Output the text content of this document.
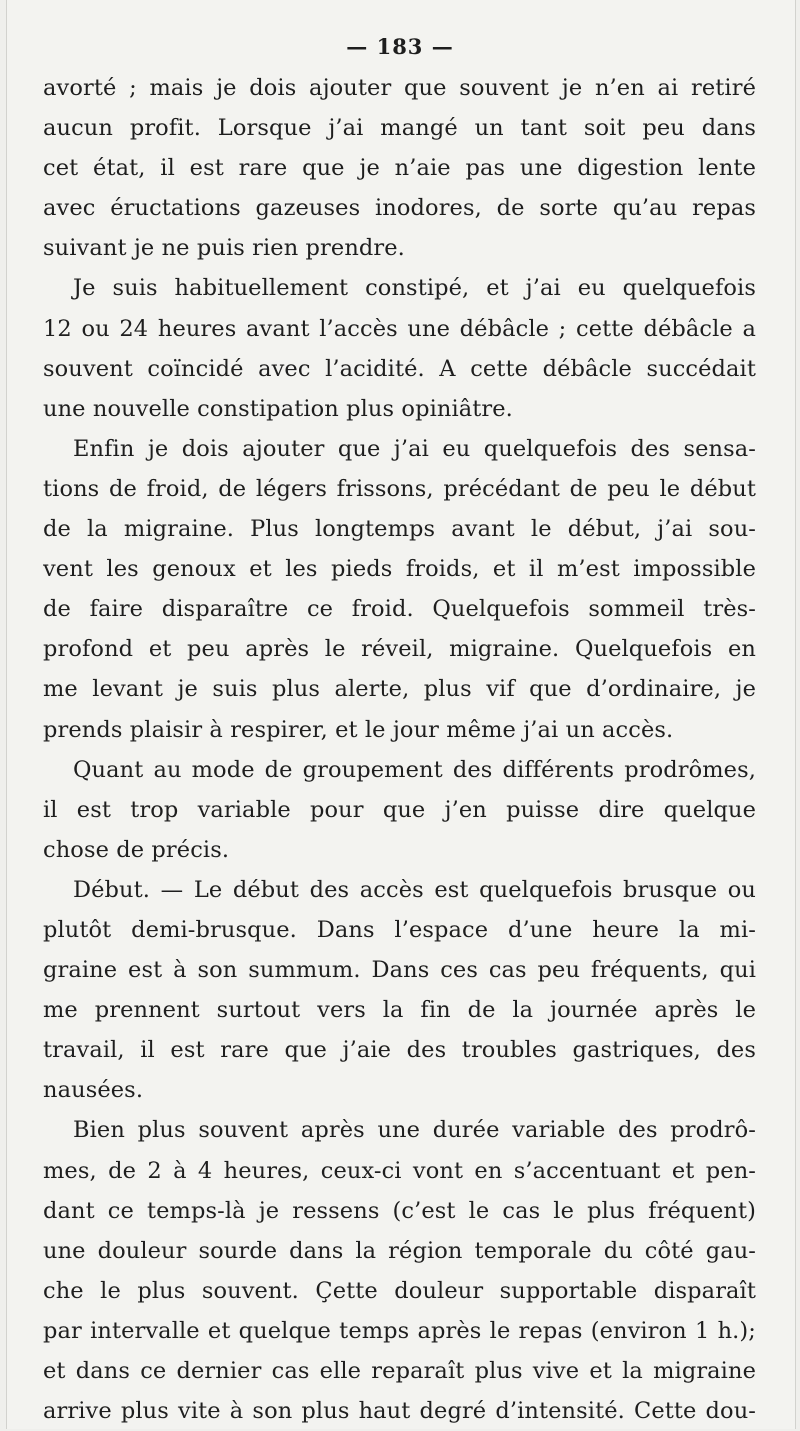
— 183 —
avorté ; mais je dois ajouter que souvent je n’en ai retiré
aucun profit. Lorsque j’ai mangé un tant soit peu dans
cet état, il est rare que je n’aie pas une digestion lente
avec éructations gazeuses inodores, de sorte qu’au repas
suivant je ne puis rien prendre.
Je suis habituellement constipé, et j’ai eu quelquefois
12 ou 24 heures avant l’accès une débâcle ; cette débâcle a
souvent coïncidé avec l’acidité. A cette débâcle succédait
une nouvelle constipation plus opiniâtre.
Enfin je dois ajouter que j’ai eu quelquefois des sensa-
tions de froid, de légers frissons, précédant de peu le début
de la migraine. Plus longtemps avant le début, j’ai sou-
vent les genoux et les pieds froids, et il m’est impossible
de faire disparaître ce froid. Quelquefois sommeil très-
profond et peu après le réveil, migraine. Quelquefois en
me levant je suis plus alerte, plus vif que d’ordinaire, je
prends plaisir à respirer, et le jour même j’ai un accès.
Quant au mode de groupement des différents prodrômes,
il est trop variable pour que j’en puisse dire quelque
chose de précis.
Début. — Le début des accès est quelquefois brusque ou
plutôt demi-brusque. Dans l’espace d’une heure la mi-
graine est à son summum. Dans ces cas peu fréquents, qui
me prennent surtout vers la fin de la journée après le
travail, il est rare que j’aie des troubles gastriques, des
nausées.
Bien plus souvent après une durée variable des prodrô-
mes, de 2 à 4 heures, ceux-ci vont en s’accentuant et pen-
dant ce temps-là je ressens (c’est le cas le plus fréquent)
une douleur sourde dans la région temporale du côté gau-
che le plus souvent. Çette douleur supportable disparaît
par intervalle et quelque temps après le repas (environ 1 h.);
et dans ce dernier cas elle reparaît plus vive et la migraine
arrive plus vite à son plus haut degré d’intensité. Cette dou-
